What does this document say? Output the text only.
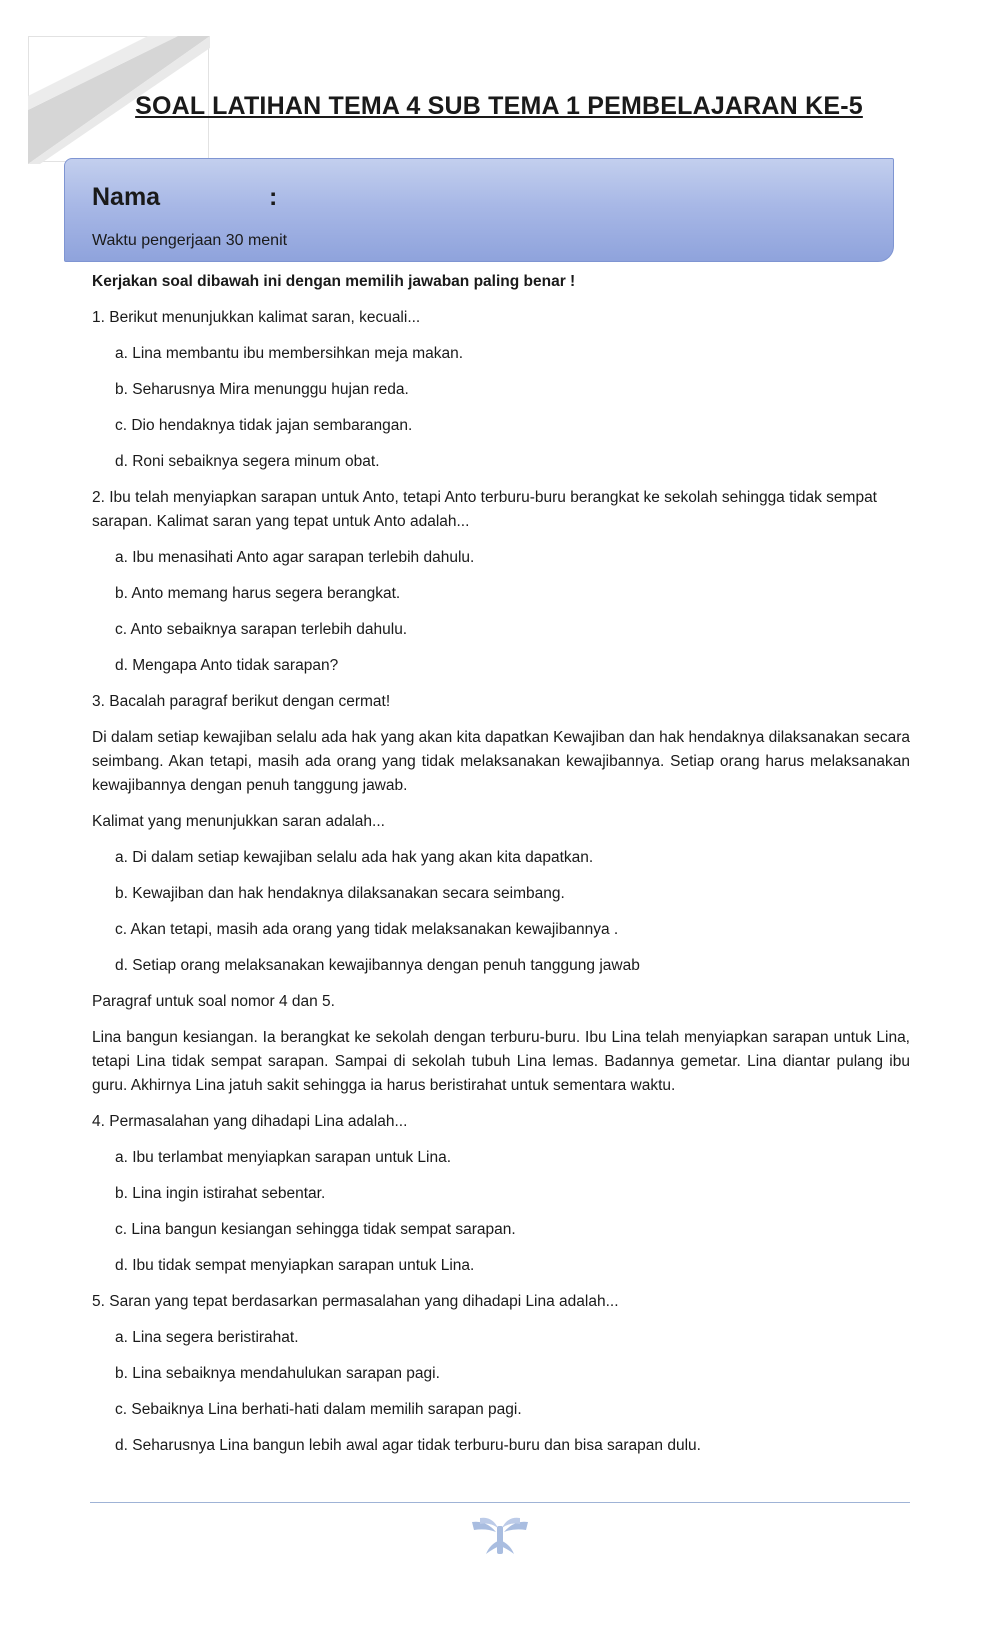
SOAL LATIHAN TEMA 4 SUB TEMA 1 PEMBELAJARAN KE-5
Nama	:
Waktu pengerjaan 30 menit

Kerjakan soal dibawah ini dengan memilih jawaban paling benar !

1. Berikut menunjukkan kalimat saran, kecuali...

a. Lina membantu ibu membersihkan meja makan.

b. Seharusnya Mira menunggu hujan reda.

c. Dio hendaknya tidak jajan sembarangan.

d. Roni sebaiknya segera minum obat.

2. Ibu telah menyiapkan sarapan untuk Anto, tetapi Anto terburu-buru berangkat ke sekolah sehingga tidak sempat sarapan. Kalimat saran yang tepat untuk Anto adalah...

a. Ibu menasihati Anto agar sarapan terlebih dahulu.

b. Anto memang harus segera berangkat.

c. Anto sebaiknya sarapan terlebih dahulu.

d. Mengapa Anto tidak sarapan?

3. Bacalah paragraf berikut dengan cermat!

Di dalam setiap kewajiban selalu ada hak yang akan kita dapatkan Kewajiban dan hak hendaknya dilaksanakan secara seimbang. Akan tetapi, masih ada orang yang tidak melaksanakan kewajibannya. Setiap orang harus melaksanakan kewajibannya dengan penuh tanggung jawab.

Kalimat yang menunjukkan saran adalah...

a. Di dalam setiap kewajiban selalu ada hak yang akan kita dapatkan.

b. Kewajiban dan hak hendaknya dilaksanakan secara seimbang.

c. Akan tetapi, masih ada orang yang tidak melaksanakan kewajibannya .

d. Setiap orang melaksanakan kewajibannya dengan penuh tanggung jawab

Paragraf untuk soal nomor 4 dan 5.

Lina bangun kesiangan. Ia berangkat ke sekolah dengan terburu-buru. Ibu Lina telah menyiapkan sarapan untuk Lina, tetapi Lina tidak sempat sarapan. Sampai di sekolah tubuh Lina lemas. Badannya gemetar. Lina diantar pulang ibu guru. Akhirnya Lina jatuh sakit sehingga ia harus beristirahat untuk sementara waktu.

4. Permasalahan yang dihadapi Lina adalah...

a. Ibu terlambat menyiapkan sarapan untuk Lina.

b. Lina ingin istirahat sebentar.

c. Lina bangun kesiangan sehingga tidak sempat sarapan.

d. Ibu tidak sempat menyiapkan sarapan untuk Lina.

5. Saran yang tepat berdasarkan permasalahan yang dihadapi Lina adalah...

a. Lina segera beristirahat.

b. Lina sebaiknya mendahulukan sarapan pagi.

c. Sebaiknya Lina berhati-hati dalam memilih sarapan pagi.

d. Seharusnya Lina bangun lebih awal agar tidak terburu-buru dan bisa sarapan dulu.
